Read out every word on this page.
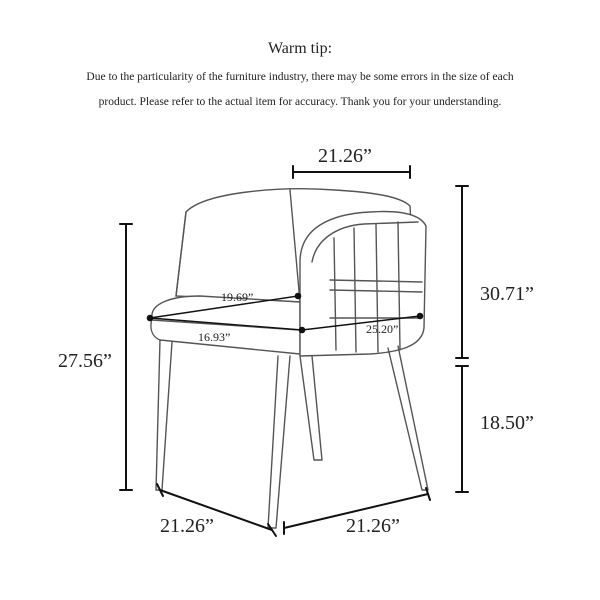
Warm tip:
Due to the particularity of the furniture industry, there may be some errors in the size of each
product. Please refer to the actual item for accuracy. Thank you for your understanding.
21.26”
27.56”
30.71”
18.50”
19.69”
16.93”
25.20”
21.26”	21.26”
